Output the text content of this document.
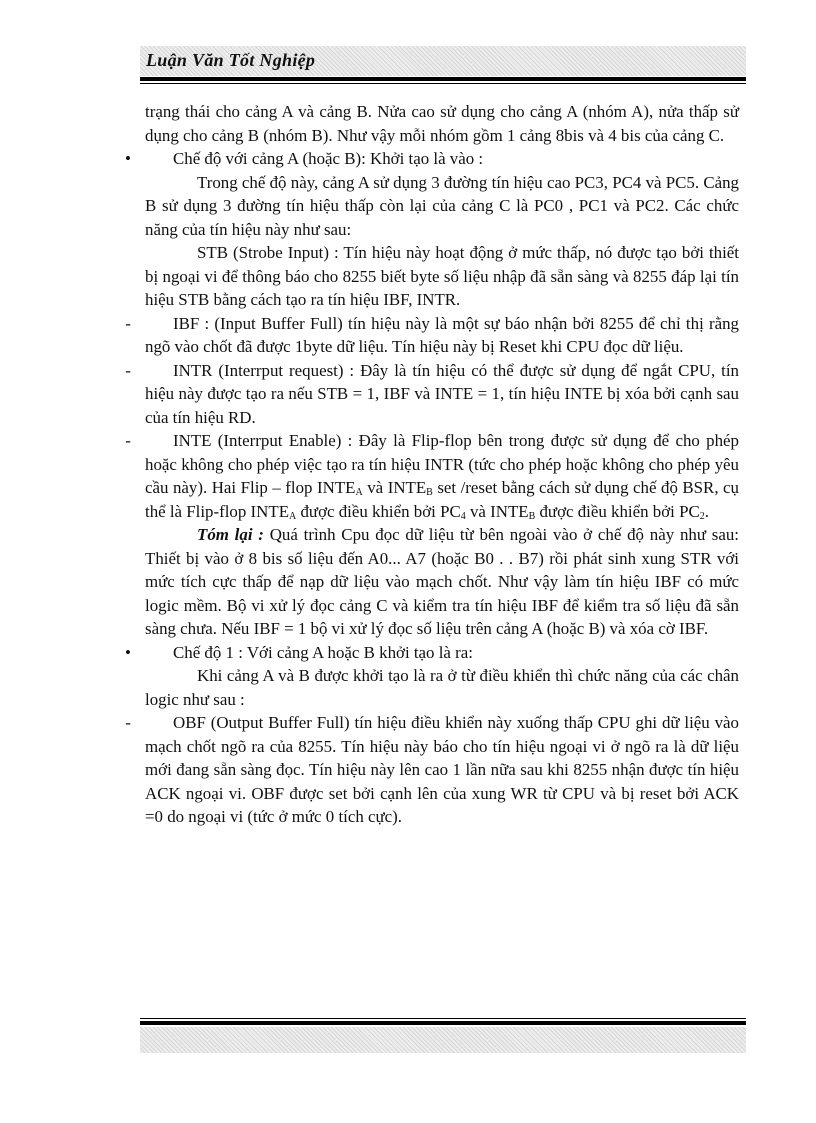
Luận Văn Tốt Nghiệp

trạng thái cho cảng A và cảng B. Nửa cao sử dụng cho cảng A (nhóm A), nửa thấp sử dụng cho cảng B (nhóm B). Như vậy mỗi nhóm gồm 1 cảng 8bis và 4 bis của cảng C.

• Chế độ với cảng A (hoặc B): Khởi tạo là vào :

Trong chế độ này, cảng A sử dụng 3 đường tín hiệu cao PC3, PC4 và PC5. Cảng B sử dụng 3 đường tín hiệu thấp còn lại của cảng C là PC0 , PC1 và PC2. Các chức năng của tín hiệu này như sau:

STB (Strobe Input) : Tín hiệu này hoạt động ở mức thấp, nó được tạo bởi thiết bị ngoại vi để thông báo cho 8255 biết byte số liệu nhập đã sẵn sàng và 8255 đáp lại tín hiệu STB bằng cách tạo ra tín hiệu IBF, INTR.

- IBF : (Input Buffer Full) tín hiệu này là một sự báo nhận bởi 8255 để chỉ thị rằng ngõ vào chốt đã được 1byte dữ liệu. Tín hiệu này bị Reset khi CPU đọc dữ liệu.

- INTR (Interrput request) : Đây là tín hiệu có thể được sử dụng để ngắt CPU, tín hiệu này được tạo ra nếu STB = 1, IBF và INTE = 1, tín hiệu INTE bị xóa bởi cạnh sau của tín hiệu RD.

- INTE (Interrput Enable) : Đây là Flip-flop bên trong được sử dụng để cho phép hoặc không cho phép việc tạo ra tín hiệu INTR (tức cho phép hoặc không cho phép yêu cầu này). Hai Flip – flop $INTE_A$ và $INTE_B$ set /reset bằng cách sử dụng chế độ BSR, cụ thể là Flip-flop $INTE_A$ được điều khiển bởi $PC_4$ và $INTE_B$ được điều khiển bởi $PC_2$.

Tóm lại : Quá trình Cpu đọc dữ liệu từ bên ngoài vào ở chế độ này như sau: Thiết bị vào ở 8 bis số liệu đến A0... A7 (hoặc B0 . . B7) rồi phát sinh xung STR với mức tích cực thấp để nạp dữ liệu vào mạch chốt. Như vậy làm tín hiệu IBF có mức logic mềm. Bộ vi xử lý đọc cảng C và kiểm tra tín hiệu IBF để kiểm tra số liệu đã sẵn sàng chưa. Nếu IBF = 1 bộ vi xử lý đọc số liệu trên cảng A (hoặc B) và xóa cờ IBF.

• Chế độ 1 : Với cảng A hoặc B khởi tạo là ra:

Khi cảng A và B được khởi tạo là ra ở từ điều khiển thì chức năng của các chân logic như sau :

- OBF (Output Buffer Full) tín hiệu điều khiển này xuống thấp CPU ghi dữ liệu vào mạch chốt ngõ ra của 8255. Tín hiệu này báo cho tín hiệu ngoại vi ở ngõ ra là dữ liệu mới đang sẵn sàng đọc. Tín hiệu này lên cao 1 lần nữa sau khi 8255 nhận được tín hiệu ACK ngoại vi. OBF được set bởi cạnh lên của xung WR từ CPU và bị reset bởi ACK =0 do ngoại vi (tức ở mức 0 tích cực).
